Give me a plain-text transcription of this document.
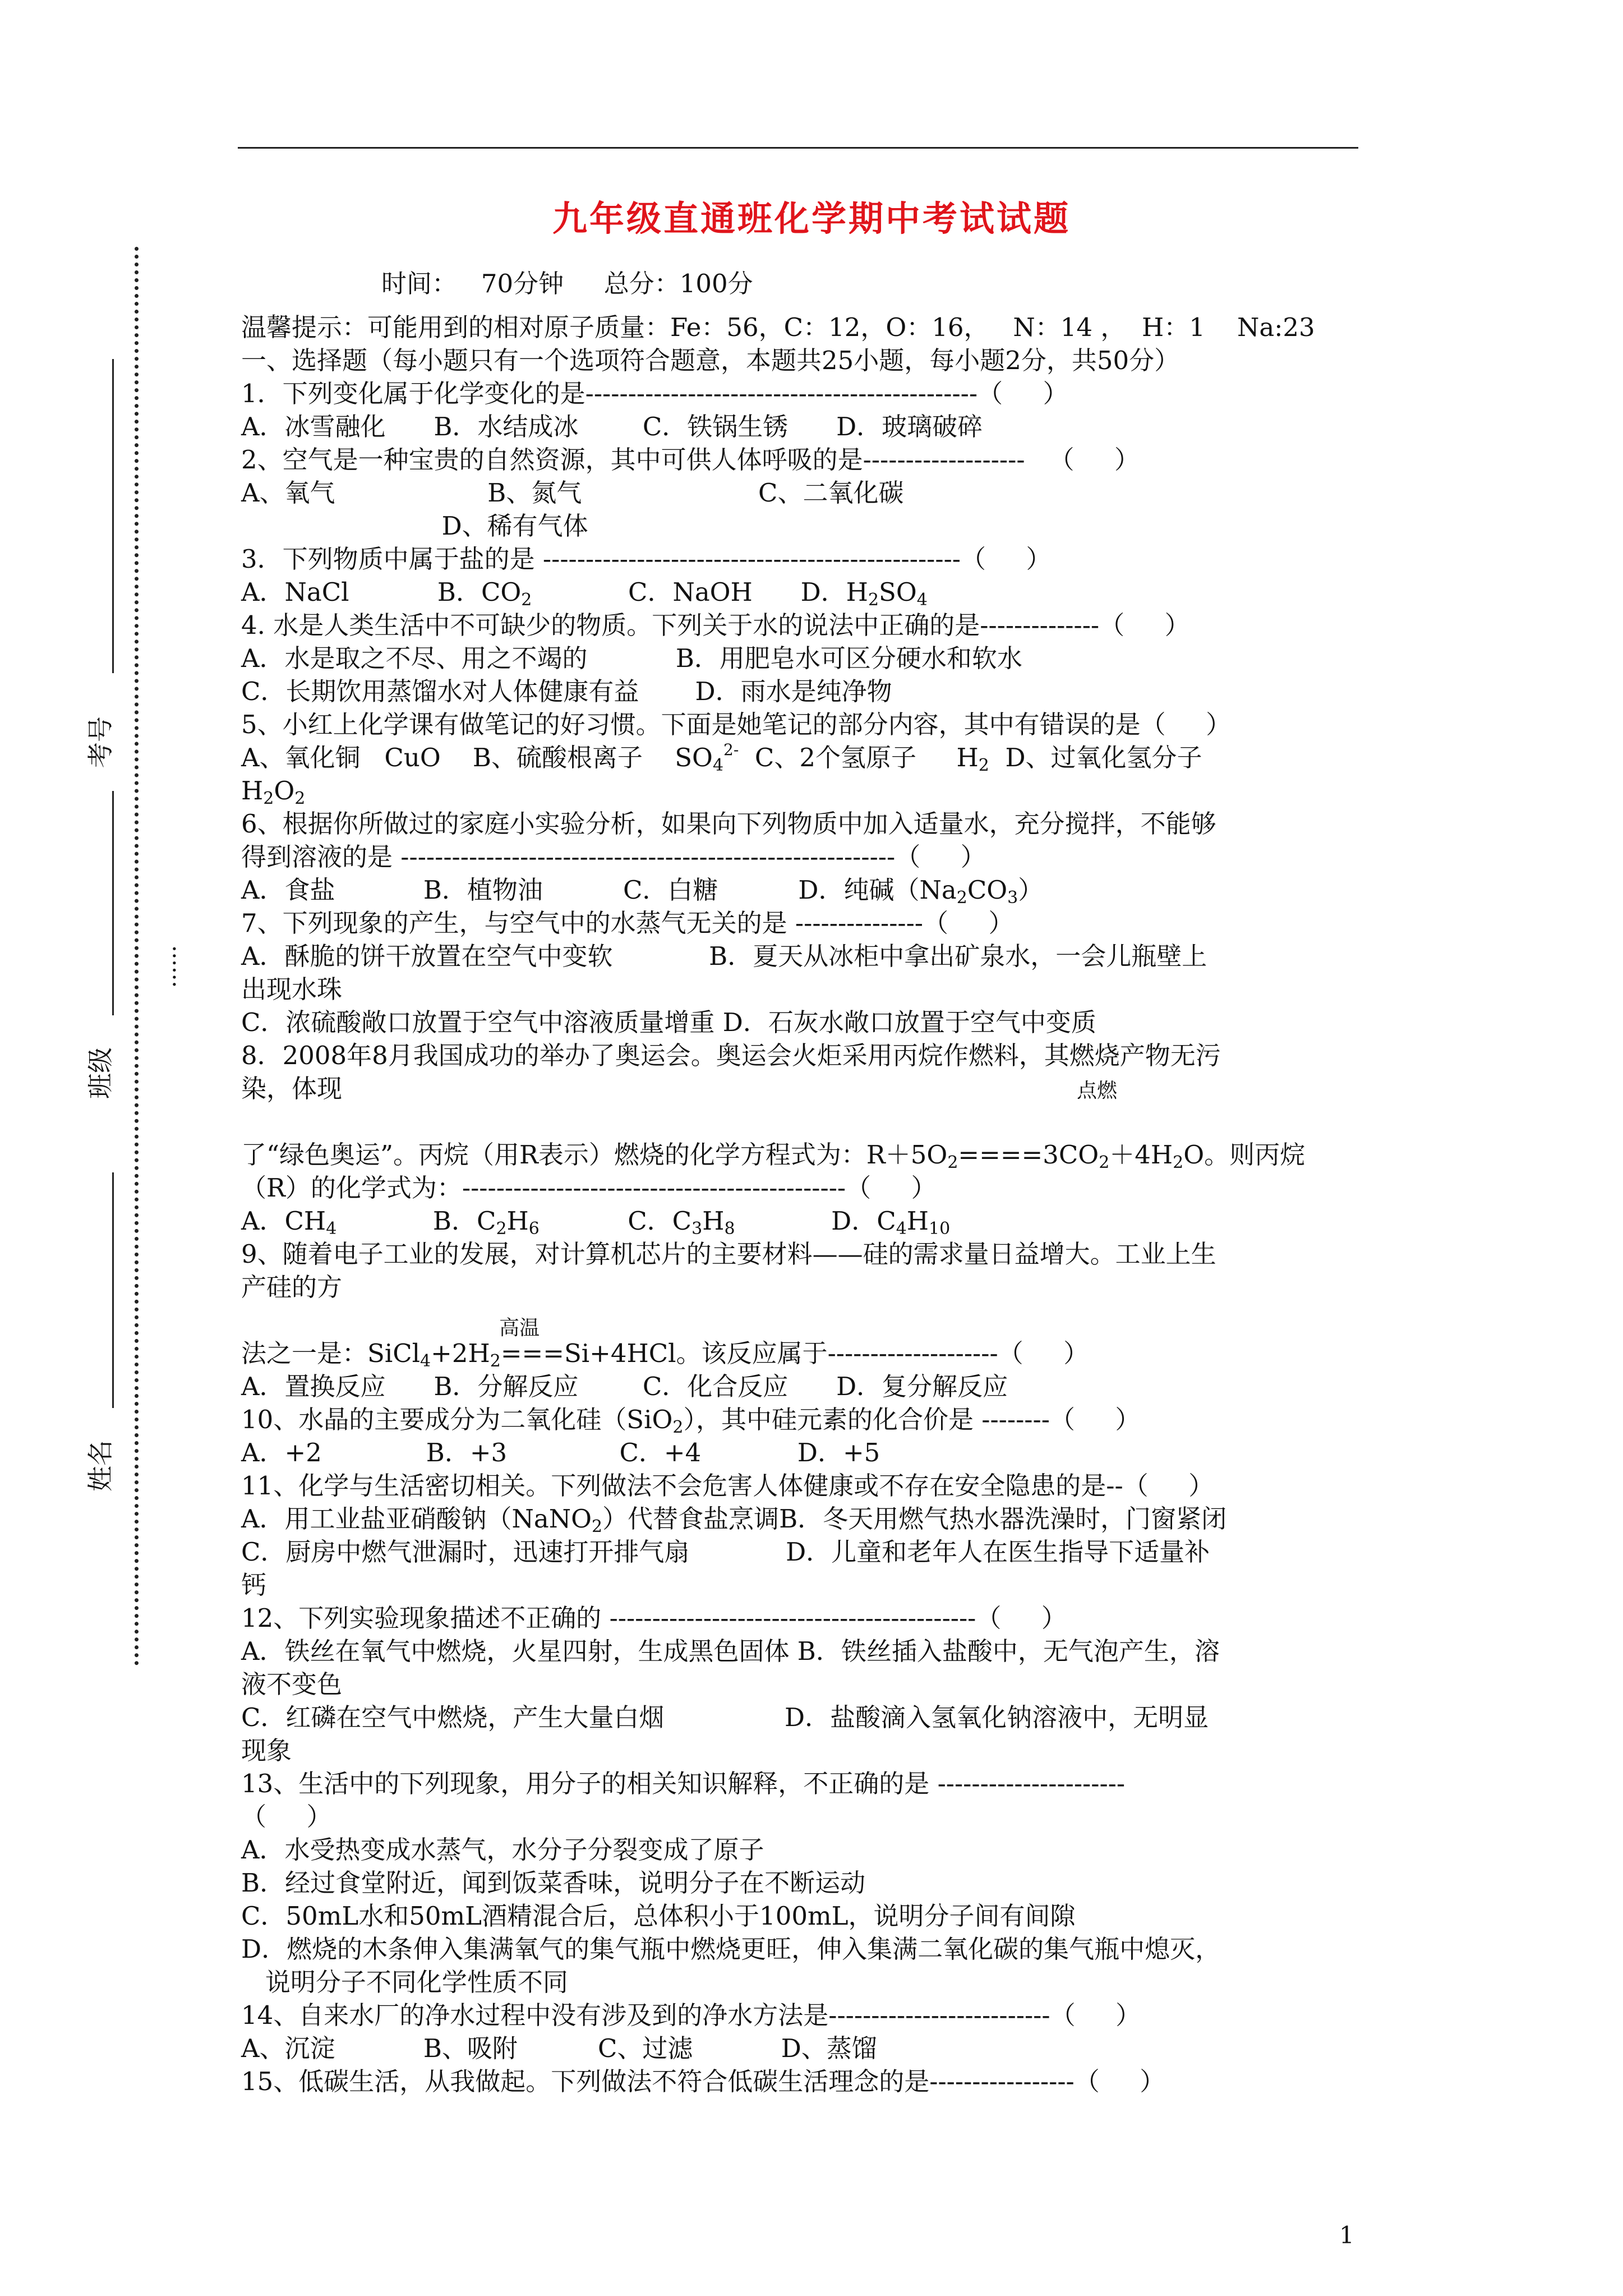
九年级直通班化学期中考试试题
考号
......
班级
姓名
时间：   70分钟     总分：100分
温馨提示：可能用到的相对原子质量：Fe：56，C：12，O：16，   N：14 ，  H：1    Na:23
一、选择题（每小题只有一个选项符合题意，本题共25小题，每小题2分，共50分）
1．下列变化属于化学变化的是----------------------------------------------（     ）
A．冰雪融化      B．水结成冰        C．铁锅生锈      D．玻璃破碎
2、空气是一种宝贵的自然资源，其中可供人体呼吸的是-------------------   （     ）
A、氧气                   B、氮气                      C、二氧化碳
D、稀有气体
3．下列物质中属于盐的是 -------------------------------------------------（     ）
A．NaCl           B．$CO_2$            C．NaOH      D．$H_2SO_4$
4. 水是人类生活中不可缺少的物质。下列关于水的说法中正确的是--------------（     ）
A．水是取之不尽、用之不竭的           B．用肥皂水可区分硬水和软水
C．长期饮用蒸馏水对人体健康有益       D．雨水是纯净物
5、小红上化学课有做笔记的好习惯。下面是她笔记的部分内容，其中有错误的是（     ）
A、氧化铜   CuO    B、硫酸根离子    $SO_4^{2-}$  C、2个氢原子     $H_2$  D、过氧化氢分子
$H_2O_2$
6、根据你所做过的家庭小实验分析，如果向下列物质中加入适量水，充分搅拌，不能够
得到溶液的是 ----------------------------------------------------------（     ）
A．食盐           B．植物油          C．白糖          D．纯碱$(Na_2CO_3)$
7、下列现象的产生，与空气中的水蒸气无关的是 ---------------（     ）
A．酥脆的饼干放置在空气中变软            B．夏天从冰柜中拿出矿泉水，一会儿瓶壁上
出现水珠
C．浓硫酸敞口放置于空气中溶液质量增重 D．石灰水敞口放置于空气中变质
8．2008年8月我国成功的举办了奥运会。奥运会火炬采用丙烷作燃料，其燃烧产物无污
染，体现	点燃
了“绿色奥运”。丙烷（用R表示）燃烧的化学方程式为：$R+5O_2====3CO_2+4H_2O$。则丙烷
（R）的化学式为：---------------------------------------------（     ）
A．$CH_4$            B．$C_2H_6$           C．$C_3H_8$            D．$C_4H_{10}$
9、随着电子工业的发展，对计算机芯片的主要材料——硅的需求量日益增大。工业上生
产硅的方
高温
法之一是：$SiCl_4+2H_2===Si+4HCl$。该反应属于--------------------（     ）
A．置换反应      B．分解反应        C．化合反应      D．复分解反应
10、水晶的主要成分为二氧化硅（SiO$_2$），其中硅元素的化合价是 --------（     ）
A．+2             B．+3              C．+4            D．+5
11、化学与生活密切相关。下列做法不会危害人体健康或不存在安全隐患的是--（     ）
A．用工业盐亚硝酸钠（NaNO$_2$）代替食盐烹调B．冬天用燃气热水器洗澡时，门窗紧闭
C．厨房中燃气泄漏时，迅速打开排气扇            D．儿童和老年人在医生指导下适量补
钙
12、下列实验现象描述不正确的 -------------------------------------------（     ）
A．铁丝在氧气中燃烧，火星四射，生成黑色固体 B．铁丝插入盐酸中，无气泡产生，溶
液不变色
C．红磷在空气中燃烧，产生大量白烟               D．盐酸滴入氢氧化钠溶液中，无明显
现象
13、生活中的下列现象，用分子的相关知识解释，不正确的是 ----------------------
（     ）
A．水受热变成水蒸气，水分子分裂变成了原子
B．经过食堂附近，闻到饭菜香味，说明分子在不断运动
C．50mL水和50mL酒精混合后，总体积小于100mL，说明分子间有间隙
D．燃烧的木条伸入集满氧气的集气瓶中燃烧更旺，伸入集满二氧化碳的集气瓶中熄灭，
说明分子不同化学性质不同
14、自来水厂的净水过程中没有涉及到的净水方法是--------------------------（     ）
A、沉淀           B、吸附          C、过滤           D、蒸馏
15、低碳生活，从我做起。下列做法不符合低碳生活理念的是-----------------（     ）
1
